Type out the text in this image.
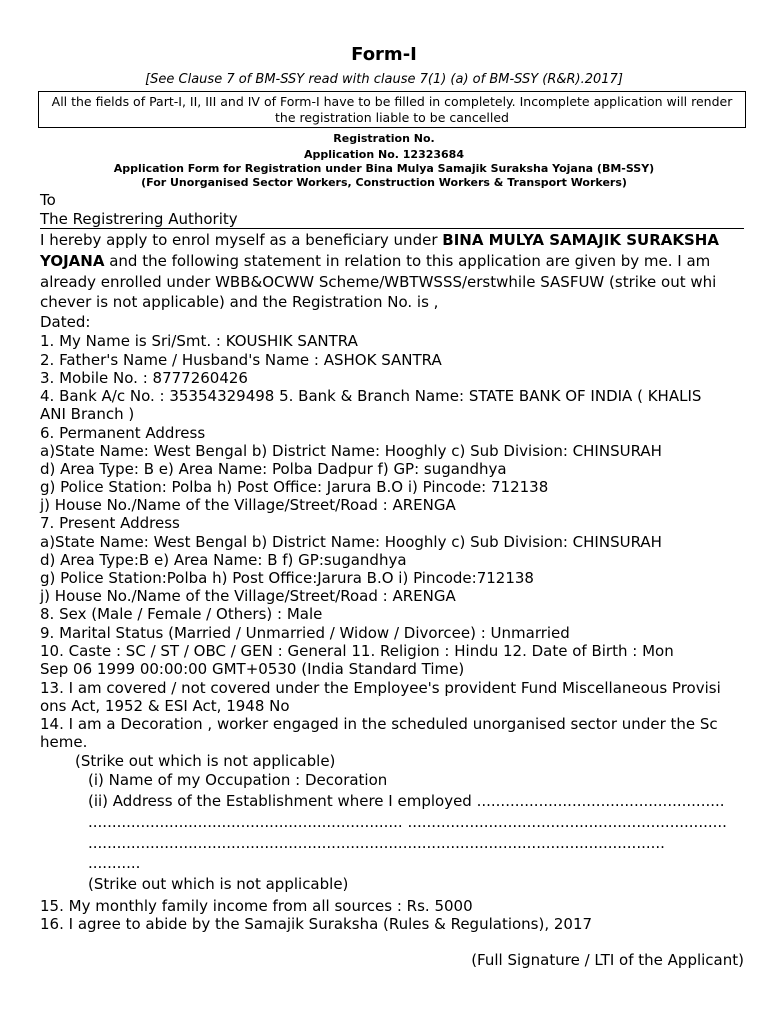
Form-I
[See Clause 7 of BM-SSY read with clause 7(1) (a) of BM-SSY (R&R).2017]
All the fields of Part-I, II, III and IV of Form-I have to be filled in completely. Incomplete application will render
the registration liable to be cancelled
Registration No.
Application No. 12323684
Application Form for Registration under Bina Mulya Samajik Suraksha Yojana (BM-SSY)
(For Unorganised Sector Workers, Construction Workers & Transport Workers)
To
The Registrering Authority
I hereby apply to enrol myself as a beneficiary under BINA MULYA SAMAJIK SURAKSHA
YOJANA and the following statement in relation to this application are given by me. I am
already enrolled under WBB&OCWW Scheme/WBTWSSS/erstwhile SASFUW (strike out whi
chever is not applicable) and the Registration No. is ,
Dated:
1. My Name is Sri/Smt. : KOUSHIK SANTRA
2. Father's Name / Husband's Name : ASHOK SANTRA
3. Mobile No. : 8777260426
4. Bank A/c No. : 35354329498 5. Bank & Branch Name: STATE BANK OF INDIA ( KHALIS
ANI Branch )
6. Permanent Address
a)State Name: West Bengal b) District Name: Hooghly c) Sub Division: CHINSURAH
d) Area Type: B e) Area Name: Polba Dadpur f) GP: sugandhya
g) Police Station: Polba h) Post Office: Jarura B.O i) Pincode: 712138
j) House No./Name of the Village/Street/Road : ARENGA
7. Present Address
a)State Name: West Bengal b) District Name: Hooghly c) Sub Division: CHINSURAH
d) Area Type:B e) Area Name: B f) GP:sugandhya
g) Police Station:Polba h) Post Office:Jarura B.O i) Pincode:712138
j) House No./Name of the Village/Street/Road : ARENGA
8. Sex (Male / Female / Others) : Male
9. Marital Status (Married / Unmarried / Widow / Divorcee) : Unmarried
10. Caste : SC / ST / OBC / GEN : General 11. Religion : Hindu 12. Date of Birth : Mon
Sep 06 1999 00:00:00 GMT+0530 (India Standard Time)
13. I am covered / not covered under the Employee's provident Fund Miscellaneous Provisi
ons Act, 1952 & ESI Act, 1948 No
14. I am a Decoration , worker engaged in the scheduled unorganised sector under the Sc
heme.
(Strike out which is not applicable)
(i) Name of my Occupation : Decoration
(ii) Address of the Establishment where I employed ....................................................
.................................................................. ...................................................................
.........................................................................................................................
...........
(Strike out which is not applicable)
15. My monthly family income from all sources : Rs. 5000
16. I agree to abide by the Samajik Suraksha (Rules & Regulations), 2017
(Full Signature / LTI of the Applicant)
